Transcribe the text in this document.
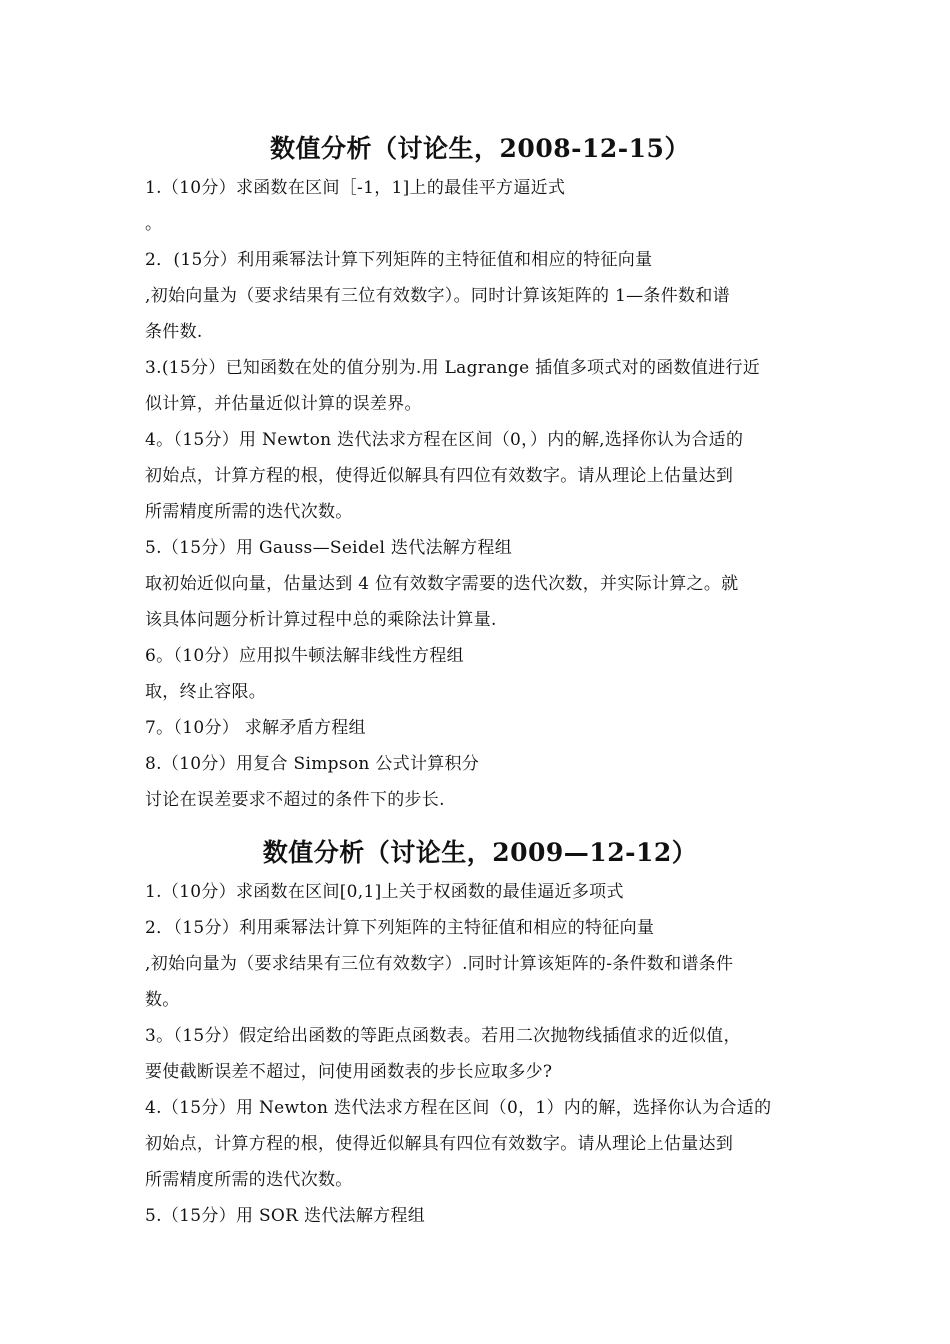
数值分析（讨论生，2008-12-15）
1.（10分）求函数在区间［-1，1]上的最佳平方逼近式
。
2．(15分）利用乘幂法计算下列矩阵的主特征值和相应的特征向量
,初始向量为（要求结果有三位有效数字）。同时计算该矩阵的 1—条件数和谱
条件数.
3.(15分）已知函数在处的值分别为.用 Lagrange 插值多项式对的函数值进行近
似计算，并估量近似计算的误差界。
4。（15分）用 Newton 迭代法求方程在区间（0，）内的解,选择你认为合适的
初始点，计算方程的根，使得近似解具有四位有效数字。请从理论上估量达到
所需精度所需的迭代次数。
5.（15分）用 Gauss—Seidel 迭代法解方程组
取初始近似向量，估量达到 4 位有效数字需要的迭代次数，并实际计算之。就
该具体问题分析计算过程中总的乘除法计算量.
6。（10分）应用拟牛顿法解非线性方程组
取，终止容限。
7。（10分） 求解矛盾方程组
8.（10分）用复合 Simpson 公式计算积分
讨论在误差要求不超过的条件下的步长.
数值分析（讨论生，2009—12-12）
1.（10分）求函数在区间[0,1]上关于权函数的最佳逼近多项式
2．（15分）利用乘幂法计算下列矩阵的主特征值和相应的特征向量
,初始向量为（要求结果有三位有效数字）.同时计算该矩阵的-条件数和谱条件
数。
3。（15分）假定给出函数的等距点函数表。若用二次抛物线插值求的近似值，
要使截断误差不超过，问使用函数表的步长应取多少?
4.（15分）用 Newton 迭代法求方程在区间（0，1）内的解，选择你认为合适的
初始点，计算方程的根，使得近似解具有四位有效数字。请从理论上估量达到
所需精度所需的迭代次数。
5.（15分）用 SOR 迭代法解方程组
